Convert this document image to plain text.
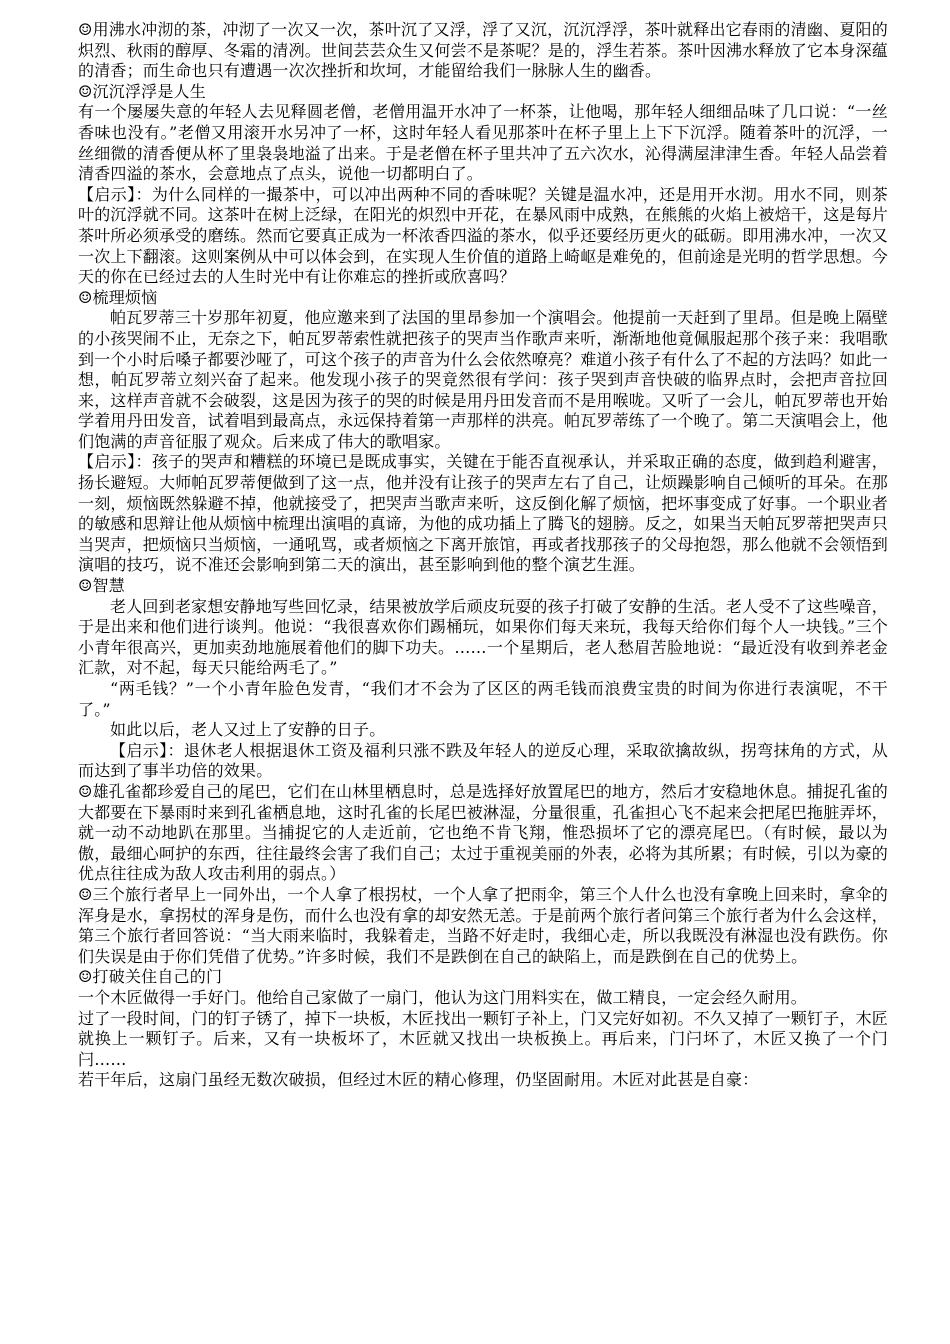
☺用沸水冲沏的茶，冲沏了一次又一次，茶叶沉了又浮，浮了又沉，沉沉浮浮，茶叶就释出它春雨的清幽、夏阳的炽烈、秋雨的醇厚、冬霜的清冽。世间芸芸众生又何尝不是茶呢？是的，浮生若茶。茶叶因沸水释放了它本身深蕴的清香；而生命也只有遭遇一次次挫折和坎坷，才能留给我们一脉脉人生的幽香。

☺沉沉浮浮是人生

有一个屡屡失意的年轻人去见释圆老僧，老僧用温开水冲了一杯茶，让他喝，那年轻人细细品味了几口说：“一丝香味也没有。”老僧又用滚开水另冲了一杯，这时年轻人看见那茶叶在杯子里上上下下沉浮。随着茶叶的沉浮，一丝细微的清香便从杯了里袅袅地溢了出来。于是老僧在杯子里共冲了五六次水，沁得满屋津津生香。年轻人品尝着清香四溢的茶水，会意地点了点头，说他一切都明白了。

【启示】：为什么同样的一撮茶中，可以冲出两种不同的香味呢？关键是温水冲，还是用开水沏。用水不同，则茶叶的沉浮就不同。这茶叶在树上泛绿，在阳光的炽烈中开花，在暴风雨中成熟，在熊熊的火焰上被焙干，这是每片茶叶所必须承受的磨练。然而它要真正成为一杯浓香四溢的茶水，似乎还要经历更火的砥砺。即用沸水冲，一次又一次上下翻滚。这则案例从中可以体会到，在实现人生价值的道路上崎岖是难免的，但前途是光明的哲学思想。今天的你在已经过去的人生时光中有让你难忘的挫折或欣喜吗？

☺梳理烦恼

帕瓦罗蒂三十岁那年初夏，他应邀来到了法国的里昂参加一个演唱会。他提前一天赶到了里昂。但是晚上隔壁的小孩哭闹不止，无奈之下，帕瓦罗蒂索性就把孩子的哭声当作歌声来听，渐渐地他竟佩服起那个孩子来：我唱歌到一个小时后嗓子都要沙哑了，可这个孩子的声音为什么会依然嘹亮？难道小孩子有什么了不起的方法吗？如此一想，帕瓦罗蒂立刻兴奋了起来。他发现小孩子的哭竟然很有学问：孩子哭到声音快破的临界点时，会把声音拉回来，这样声音就不会破裂，这是因为孩子的哭的时候是用丹田发音而不是用喉咙。又听了一会儿，帕瓦罗蒂也开始学着用丹田发音，试着唱到最高点，永远保持着第一声那样的洪亮。帕瓦罗蒂练了一个晚了。第二天演唱会上，他们饱满的声音征服了观众。后来成了伟大的歌唱家。

【启示】：孩子的哭声和糟糕的环境已是既成事实，关键在于能否直视承认，并采取正确的态度，做到趋利避害，扬长避短。大师帕瓦罗蒂便做到了这一点，他并没有让孩子的哭声左右了自己，让烦躁影响自己倾听的耳朵。在那一刻，烦恼既然躲避不掉，他就接受了，把哭声当歌声来听，这反倒化解了烦恼，把坏事变成了好事。一个职业者的敏感和思辩让他从烦恼中梳理出演唱的真谛，为他的成功插上了腾飞的翅膀。反之，如果当天帕瓦罗蒂把哭声只当哭声，把烦恼只当烦恼，一通吼骂，或者烦恼之下离开旅馆，再或者找那孩子的父母抱怨，那么他就不会领悟到演唱的技巧，说不准还会影响到第二天的演出，甚至影响到他的整个演艺生涯。

☺智慧

老人回到老家想安静地写些回忆录，结果被放学后顽皮玩耍的孩子打破了安静的生活。老人受不了这些噪音，于是出来和他们进行谈判。他说：“我很喜欢你们踢桶玩，如果你们每天来玩，我每天给你们每个人一块钱。”三个小青年很高兴，更加卖劲地施展着他们的脚下功夫。……一个星期后，老人愁眉苦脸地说：“最近没有收到养老金汇款，对不起，每天只能给两毛了。”

“两毛钱？”一个小青年脸色发青，“我们才不会为了区区的两毛钱而浪费宝贵的时间为你进行表演呢，不干了。”

如此以后，老人又过上了安静的日子。

【启示】：退休老人根据退休工资及福利只涨不跌及年轻人的逆反心理，采取欲擒故纵，拐弯抹角的方式，从而达到了事半功倍的效果。

☺雄孔雀都珍爱自己的尾巴，它们在山林里栖息时，总是选择好放置尾巴的地方，然后才安稳地休息。捕捉孔雀的大都要在下暴雨时来到孔雀栖息地，这时孔雀的长尾巴被淋湿，分量很重，孔雀担心飞不起来会把尾巴拖脏弄坏，就一动不动地趴在那里。当捕捉它的人走近前，它也绝不肯飞翔，惟恐损坏了它的漂亮尾巴。（有时候，最以为傲，最细心呵护的东西，往往最终会害了我们自己；太过于重视美丽的外表，必将为其所累；有时候，引以为豪的优点往往成为敌人攻击利用的弱点。）

☺三个旅行者早上一同外出，一个人拿了根拐杖，一个人拿了把雨伞，第三个人什么也没有拿晚上回来时，拿伞的浑身是水，拿拐杖的浑身是伤，而什么也没有拿的却安然无恙。于是前两个旅行者问第三个旅行者为什么会这样，第三个旅行者回答说：“当大雨来临时，我躲着走，当路不好走时，我细心走，所以我既没有淋湿也没有跌伤。你们失误是由于你们凭借了优势。”许多时候，我们不是跌倒在自己的缺陷上，而是跌倒在自己的优势上。

☺打破关住自己的门

一个木匠做得一手好门。他给自己家做了一扇门，他认为这门用料实在，做工精良，一定会经久耐用。

过了一段时间，门的钉子锈了，掉下一块板，木匠找出一颗钉子补上，门又完好如初。不久又掉了一颗钉子，木匠就换上一颗钉子。后来，又有一块板坏了，木匠就又找出一块板换上。再后来，门闩坏了，木匠又换了一个门闩……

若干年后，这扇门虽经无数次破损，但经过木匠的精心修理，仍坚固耐用。木匠对此甚是自豪：
